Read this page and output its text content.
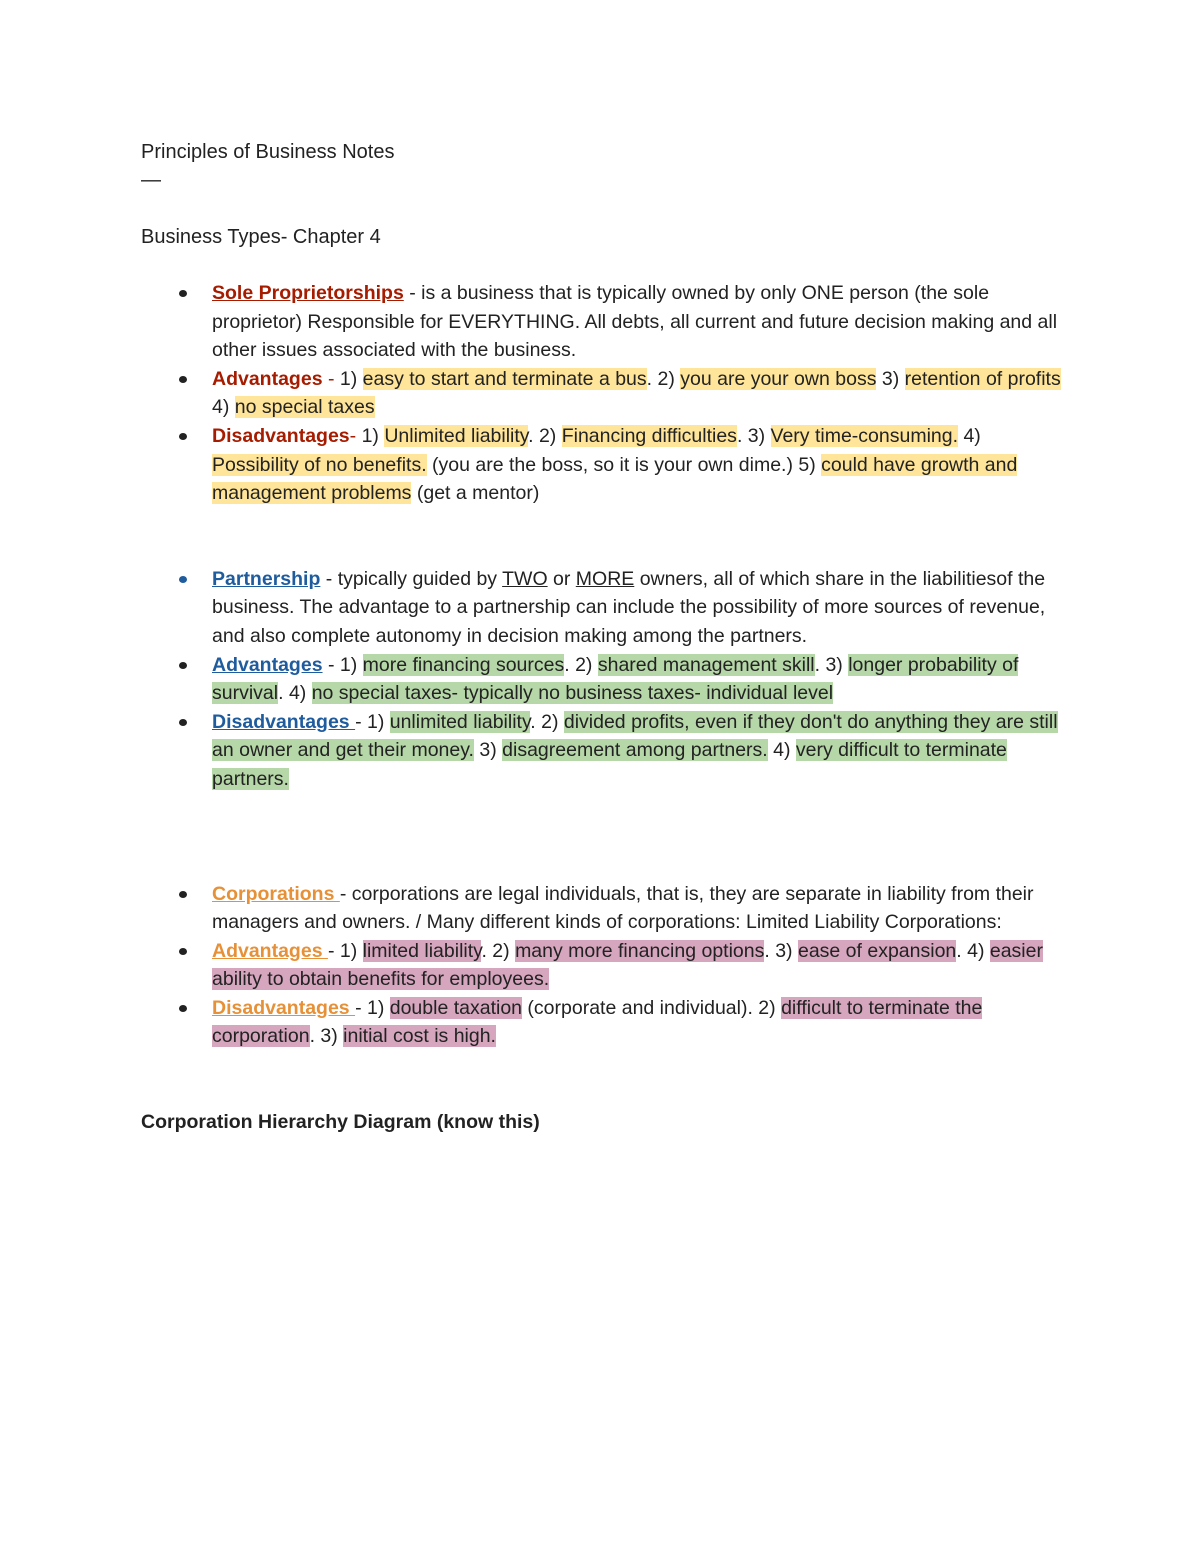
Principles of Business Notes

—

Business Types- Chapter 4

Sole Proprietorships - is a business that is typically owned by only ONE person (the sole proprietor) Responsible for EVERYTHING. All debts, all current and future decision making and all other issues associated with the business.
Advantages - 1) easy to start and terminate a bus. 2) you are your own boss 3) retention of profits 4) no special taxes
Disadvantages- 1) Unlimited liability. 2) Financing difficulties. 3) Very time-consuming. 4) Possibility of no benefits. (you are the boss, so it is your own dime.) 5) could have growth and management problems (get a mentor)
Partnership - typically guided by TWO or MORE owners, all of which share in the liabilitiesof the business. The advantage to a partnership can include the possibility of more sources of revenue, and also complete autonomy in decision making among the partners.
Advantages - 1) more financing sources. 2) shared management skill. 3) longer probability of survival. 4) no special taxes- typically no business taxes- individual level
Disadvantages - 1) unlimited liability. 2) divided profits, even if they don't do anything they are still an owner and get their money. 3) disagreement among partners. 4) very difficult to terminate partners.
Corporations - corporations are legal individuals, that is, they are separate in liability from their managers and owners. / Many different kinds of corporations: Limited Liability Corporations:
Advantages - 1) limited liability. 2) many more financing options. 3) ease of expansion. 4) easier ability to obtain benefits for employees.
Disadvantages - 1) double taxation (corporate and individual). 2) difficult to terminate the corporation. 3) initial cost is high.

Corporation Hierarchy Diagram (know this)
